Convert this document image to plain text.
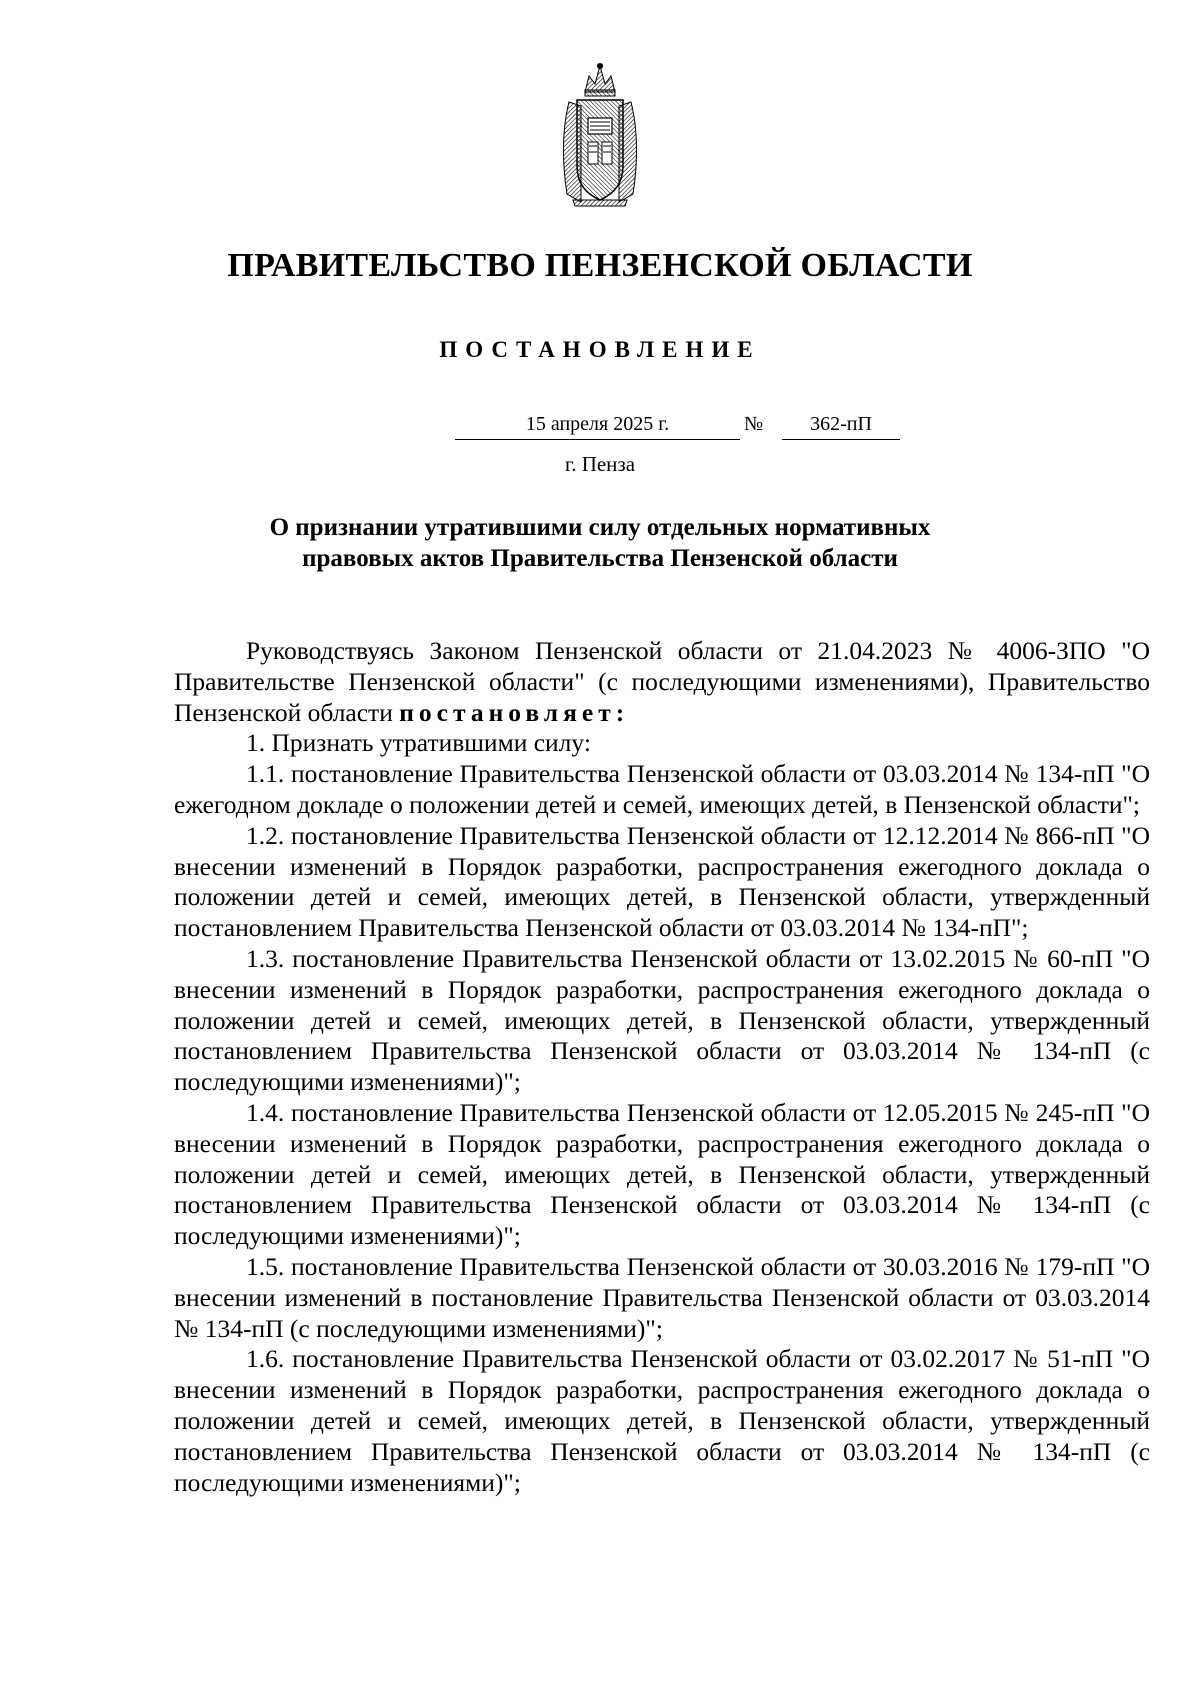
ПРАВИТЕЛЬСТВО ПЕНЗЕНСКОЙ ОБЛАСТИ
ПОСТАНОВЛЕНИЕ
15 апреля 2025 г.	№	362-пП
г. Пенза
О признании утратившими силу отдельных нормативных
правовых актов Правительства Пензенской области

Руководствуясь Законом Пензенской области от 21.04.2023 № 4006-ЗПО "О Правительстве Пензенской области" (с последующими изменениями), Правительство Пензенской области постановляет:

1. Признать утратившими силу:

1.1. постановление Правительства Пензенской области от 03.03.2014 № 134-пП "О ежегодном докладе о положении детей и семей, имеющих детей, в Пензенской области";

1.2. постановление Правительства Пензенской области от 12.12.2014 № 866-пП "О внесении изменений в Порядок разработки, распространения ежегодного доклада о положении детей и семей, имеющих детей, в Пензенской области, утвержденный постановлением Правительства Пензенской области от 03.03.2014 № 134-пП";

1.3. постановление Правительства Пензенской области от 13.02.2015 № 60-пП "О внесении изменений в Порядок разработки, распространения ежегодного доклада о положении детей и семей, имеющих детей, в Пензенской области, утвержденный постановлением Правительства Пензенской области от 03.03.2014 № 134-пП (с последующими изменениями)";

1.4. постановление Правительства Пензенской области от 12.05.2015 № 245-пП "О внесении изменений в Порядок разработки, распространения ежегодного доклада о положении детей и семей, имеющих детей, в Пензенской области, утвержденный постановлением Правительства Пензенской области от 03.03.2014 № 134-пП (с последующими изменениями)";

1.5. постановление Правительства Пензенской области от 30.03.2016 № 179-пП "О внесении изменений в постановление Правительства Пензенской области от 03.03.2014 № 134-пП (с последующими изменениями)";

1.6. постановление Правительства Пензенской области от 03.02.2017 № 51-пП "О внесении изменений в Порядок разработки, распространения ежегодного доклада о положении детей и семей, имеющих детей, в Пензенской области, утвержденный постановлением Правительства Пензенской области от 03.03.2014 № 134-пП (с последующими изменениями)";
